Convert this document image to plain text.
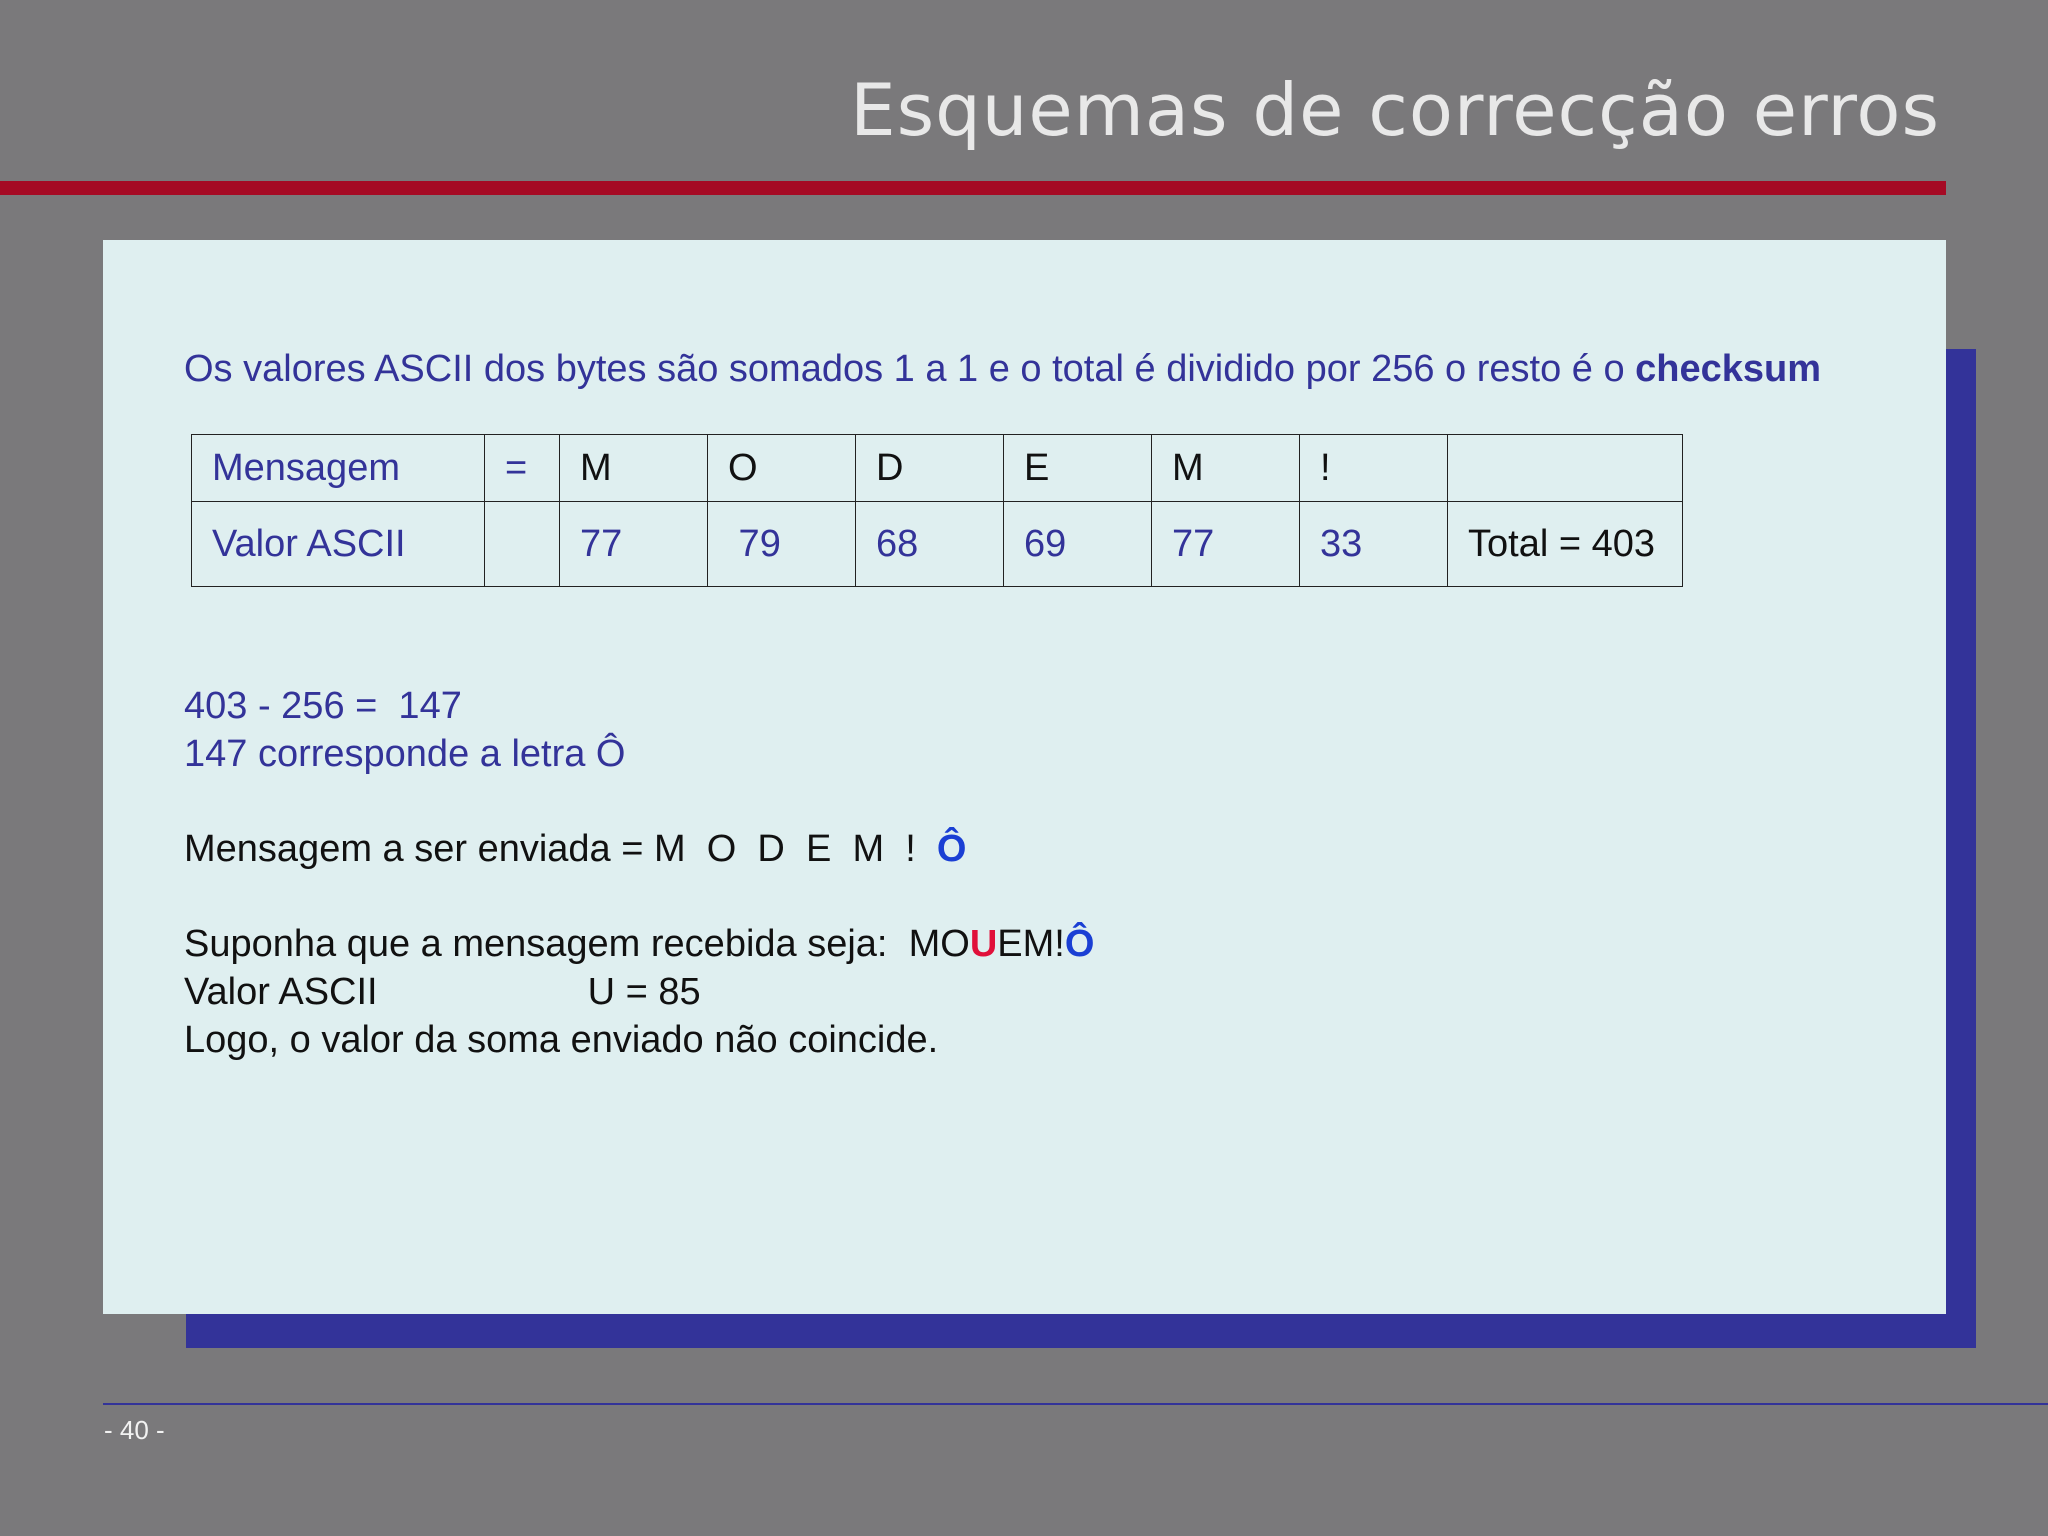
Esquemas de correcção erros
Os valores ASCII dos bytes são somados 1 a 1 e o total é dividido por 256 o resto é o checksum
Mensagem	=	M	O	D	E	M	!	
Valor ASCII		77	79	68	69	77	33	Total = 403
403 - 256 =  147
147 corresponde a letra Ô
Mensagem a ser enviada = M  O  D  E  M  !  Ô
Suponha que a mensagem recebida seja:  MOUEM!Ô
Valor ASCII	U = 85
Logo, o valor da soma enviado não coincide.
- 40 -
